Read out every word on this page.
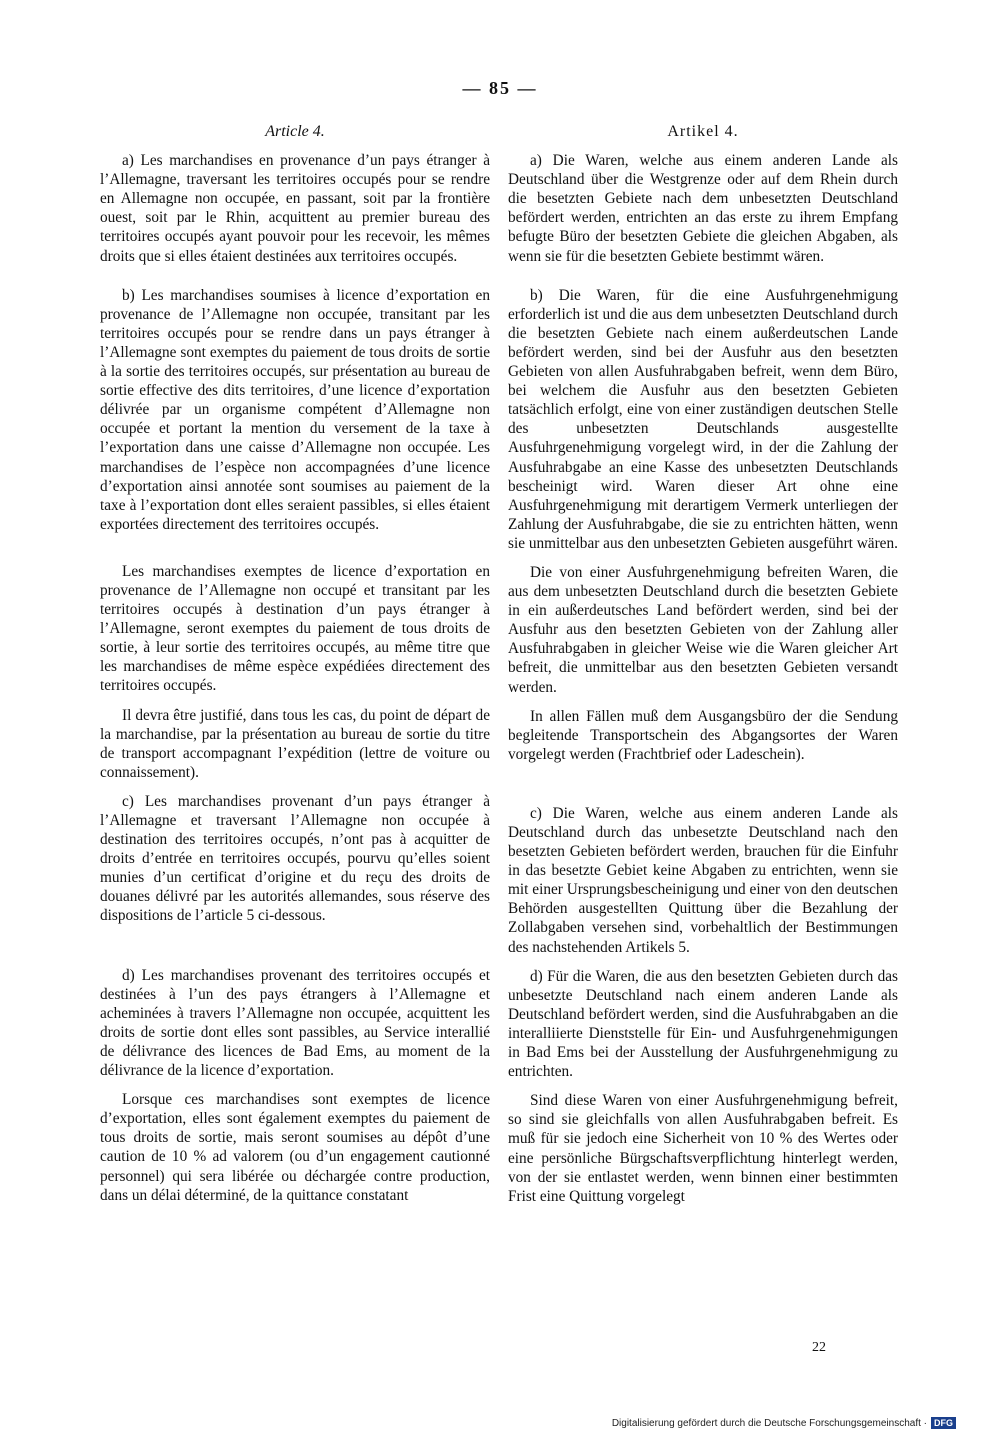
— 85 —
Article 4.

a) Les marchandises en provenance d’un pays étranger à l’Allemagne, traversant les territoires occupés pour se rendre en Allemagne non occupée, en passant, soit par la frontière ouest, soit par le Rhin, acquittent au premier bureau des territoires occupés ayant pouvoir pour les recevoir, les mêmes droits que si elles étaient destinées aux territoires occupés.

b) Les marchandises soumises à licence d’exportation en provenance de l’Allemagne non occupée, transitant par les territoires occupés pour se rendre dans un pays étranger à l’Allemagne sont exemptes du paiement de tous droits de sortie à la sortie des territoires occupés, sur présentation au bureau de sortie effective des dits territoires, d’une licence d’exportation délivrée par un organisme compétent d’Allemagne non occupée et portant la mention du versement de la taxe à l’exportation dans une caisse d’Allemagne non occupée. Les marchandises de l’espèce non accompagnées d’une licence d’exportation ainsi annotée sont soumises au paiement de la taxe à l’exportation dont elles seraient passibles, si elles étaient exportées directement des territoires occupés.

Les marchandises exemptes de licence d’exportation en provenance de l’Allemagne non occupé et transitant par les territoires occupés à destination d’un pays étranger à l’Allemagne, seront exemptes du paiement de tous droits de sortie, à leur sortie des territoires occupés, au même titre que les marchandises de même espèce expédiées directement des territoires occupés.

Il devra être justifié, dans tous les cas, du point de départ de la marchandise, par la présentation au bureau de sortie du titre de transport accompagnant l’expédition (lettre de voiture ou connaissement).

c) Les marchandises provenant d’un pays étranger à l’Allemagne et traversant l’Allemagne non occupée à destination des territoires occupés, n’ont pas à acquitter de droits d’entrée en territoires occupés, pourvu qu’elles soient munies d’un certificat d’origine et du reçu des droits de douanes délivré par les autorités allemandes, sous réserve des dispositions de l’article 5 ci-dessous.

d) Les marchandises provenant des territoires occupés et destinées à l’un des pays étrangers à l’Allemagne et acheminées à travers l’Allemagne non occupée, acquittent les droits de sortie dont elles sont passibles, au Service interallié de délivrance des licences de Bad Ems, au moment de la délivrance de la licence d’exportation.

Lorsque ces marchandises sont exemptes de licence d’exportation, elles sont également exemptes du paiement de tous droits de sortie, mais seront soumises au dépôt d’une caution de 10 % ad valorem (ou d’un engagement cautionné personnel) qui sera libérée ou déchargée contre production, dans un délai déterminé, de la quittance constatant

Artikel 4.

a) Die Waren, welche aus einem anderen Lande als Deutschland über die Westgrenze oder auf dem Rhein durch die besetzten Gebiete nach dem unbesetzten Deutschland befördert werden, entrichten an das erste zu ihrem Empfang befugte Büro der besetzten Gebiete die gleichen Abgaben, als wenn sie für die besetzten Gebiete bestimmt wären.

b) Die Waren, für die eine Ausfuhrgenehmigung erforderlich ist und die aus dem unbesetzten Deutschland durch die besetzten Gebiete nach einem außerdeutschen Lande befördert werden, sind bei der Ausfuhr aus den besetzten Gebieten von allen Ausfuhrabgaben befreit, wenn dem Büro, bei welchem die Ausfuhr aus den besetzten Gebieten tatsächlich erfolgt, eine von einer zuständigen deutschen Stelle des unbesetzten Deutschlands ausgestellte Ausfuhrgenehmigung vorgelegt wird, in der die Zahlung der Ausfuhrabgabe an eine Kasse des unbesetzten Deutschlands bescheinigt wird. Waren dieser Art ohne eine Ausfuhrgenehmigung mit derartigem Vermerk unterliegen der Zahlung der Ausfuhrabgabe, die sie zu entrichten hätten, wenn sie unmittelbar aus den unbesetzten Gebieten ausgeführt wären.

Die von einer Ausfuhrgenehmigung befreiten Waren, die aus dem unbesetzten Deutschland durch die besetzten Gebiete in ein außerdeutsches Land befördert werden, sind bei der Ausfuhr aus den besetzten Gebieten von der Zahlung aller Ausfuhrabgaben in gleicher Weise wie die Waren gleicher Art befreit, die unmittelbar aus den besetzten Gebieten versandt werden.

In allen Fällen muß dem Ausgangsbüro der die Sendung begleitende Transportschein des Abgangsortes der Waren vorgelegt werden (Frachtbrief oder Ladeschein).

c) Die Waren, welche aus einem anderen Lande als Deutschland durch das unbesetzte Deutschland nach den besetzten Gebieten befördert werden, brauchen für die Einfuhr in das besetzte Gebiet keine Abgaben zu entrichten, wenn sie mit einer Ursprungsbescheinigung und einer von den deutschen Behörden ausgestellten Quittung über die Bezahlung der Zollabgaben versehen sind, vorbehaltlich der Bestimmungen des nachstehenden Artikels 5.

d) Für die Waren, die aus den besetzten Gebieten durch das unbesetzte Deutschland nach einem anderen Lande als Deutschland befördert werden, sind die Ausfuhrabgaben an die interalliierte Dienststelle für Ein- und Ausfuhrgenehmigungen in Bad Ems bei der Ausstellung der Ausfuhrgenehmigung zu entrichten.

Sind diese Waren von einer Ausfuhrgenehmigung befreit, so sind sie gleichfalls von allen Ausfuhrabgaben befreit. Es muß für sie jedoch eine Sicherheit von 10 % des Wertes oder eine persönliche Bürgschaftsverpflichtung hinterlegt werden, von der sie entlastet werden, wenn binnen einer bestimmten Frist eine Quittung vorgelegt

22
Digitalisierung gefördert durch die Deutsche Forschungsgemeinschaft · DFG
